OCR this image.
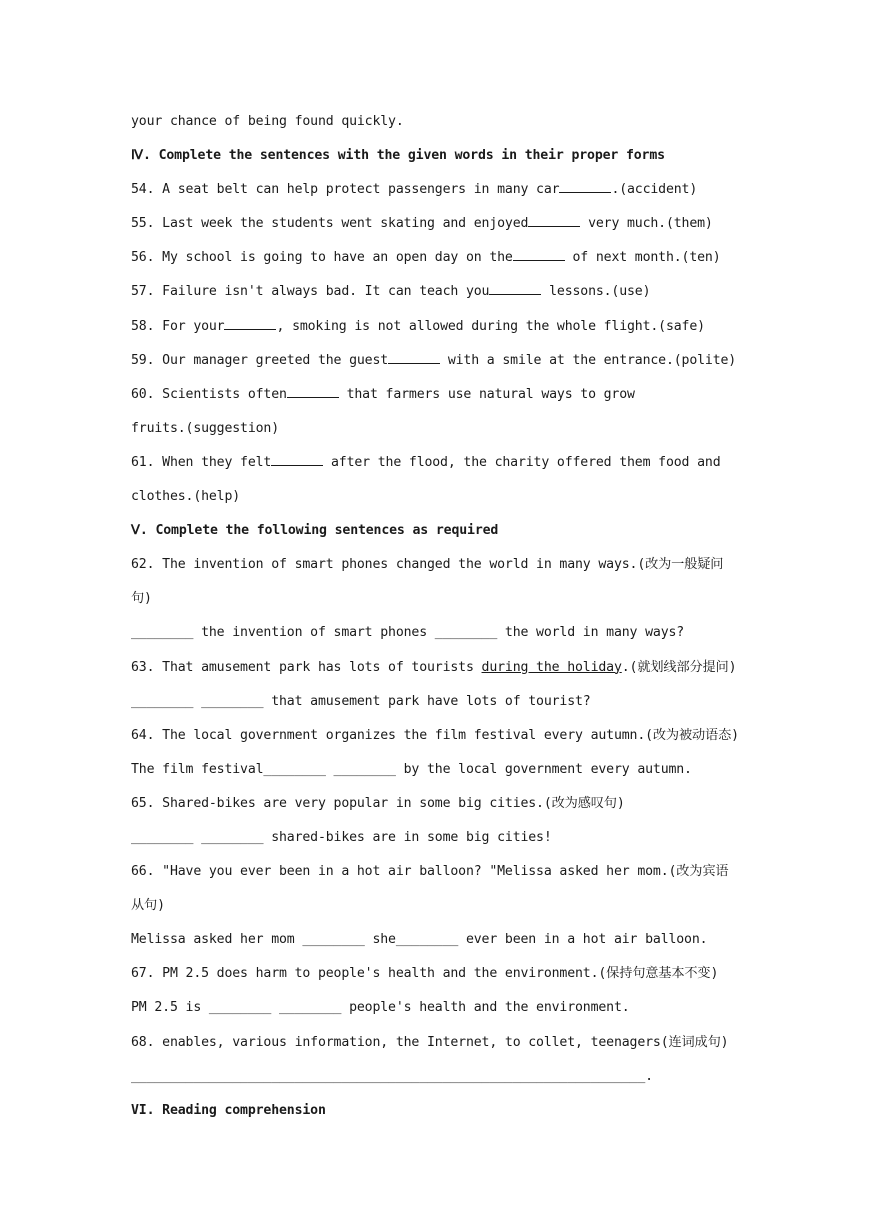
your chance of being found quickly.
Ⅳ. Complete the sentences with the given words in their proper forms
54. A seat belt can help protect passengers in many car	.(accident)
55. Last week the students went skating and enjoyed	very much.(them)
56. My school is going to have an open day on the	of next month.(ten)
57. Failure isn't always bad. It can teach you	lessons.(use)
58. For your	, smoking is not allowed during the whole flight.(safe)
59. Our manager greeted the guest	with a smile at the entrance.(polite)
60. Scientists often	that farmers use natural ways to grow
fruits.(suggestion)
61. When they felt	after the flood, the charity offered them food and
clothes.(help)
Ⅴ. Complete the following sentences as required
62. The invention of smart phones changed the world in many ways.(改为一般疑问
句)
________ the invention of smart phones ________ the world in many ways?
63. That amusement park has lots of tourists during the holiday.(就划线部分提问)
________ ________ that amusement park have lots of tourist?
64. The local government organizes the film festival every autumn.(改为被动语态)
The film festival________ ________ by the local government every autumn.
65. Shared-bikes are very popular in some big cities.(改为感叹句)
________ ________ shared-bikes are in some big cities!
66. "Have you ever been in a hot air balloon? "Melissa asked her mom.(改为宾语
从句)
Melissa asked her mom ________ she________ ever been in a hot air balloon.
67. PM 2.5 does harm to people's health and the environment.(保持句意基本不变)
PM 2.5 is ________ ________ people's health and the environment.
68. enables, various information, the Internet, to collet, teenagers(连词成句)
__________________________________________________________________.
VI. Reading comprehension
